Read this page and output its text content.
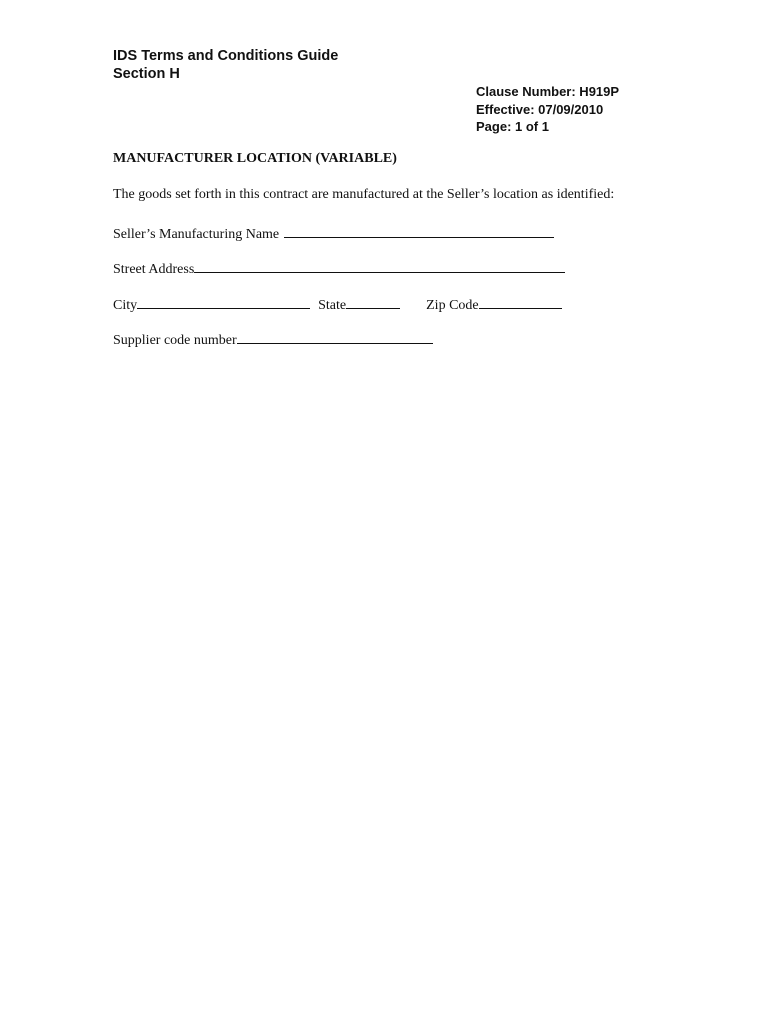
IDS Terms and Conditions Guide
Section H
Clause Number: H919P
Effective: 07/09/2010
Page: 1 of 1
MANUFACTURER LOCATION (VARIABLE)
The goods set forth in this contract are manufactured at the Seller’s location as identified:
Seller’s Manufacturing Name
Street Address
City	State	Zip Code
Supplier code number
